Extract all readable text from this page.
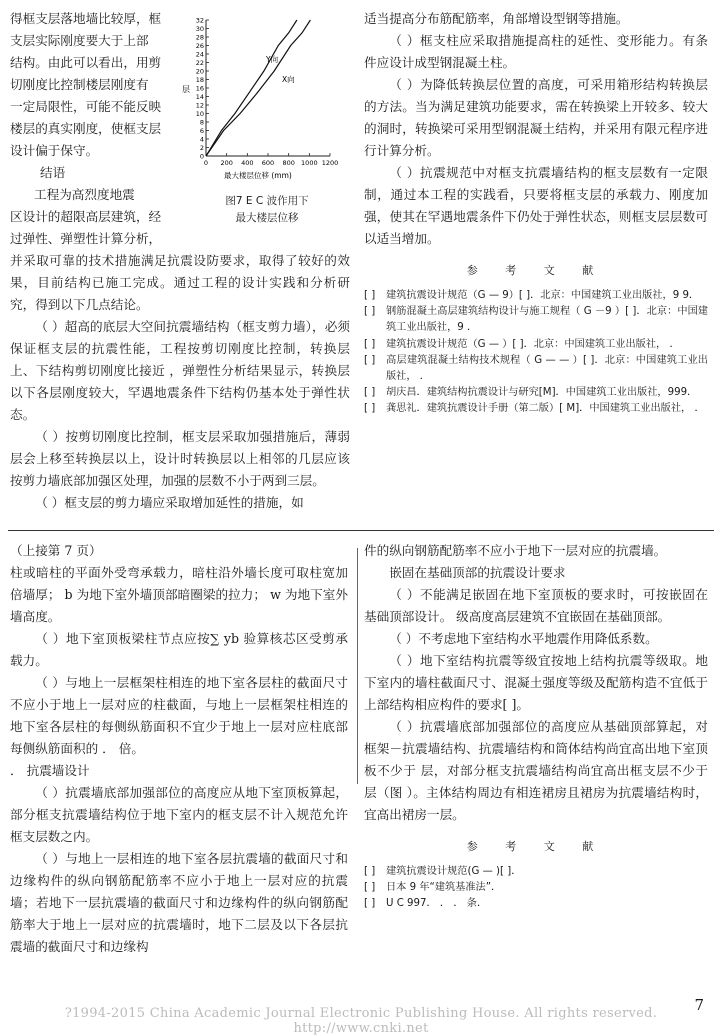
得框支层落地墙比较厚，框

支层实际刚度要大于上部

结构。由此可以看出，用剪

切刚度比控制楼层刚度有

一定局限性，可能不能反映

楼层的真实刚度，使框支层

设计偏于保守。

结语

工程为高烈度地震

区设计的超限高层建筑，经

过弹性、弹塑性计算分析，

32
30
28
26
24
22
20
18
16
14
12
10
8
6
4
2
0
0 200 400 600 800 1000 1200
层
最大楼层位移 (mm)
Y向
X向
图7 E C 波作用下
最大楼层位移

并采取可靠的技术措施满足抗震设防要求，取得了较好的效果，目前结构已施工完成。通过工程的设计实践和分析研究，得到以下几点结论。

（ ）超高的底层大空间抗震墙结构（框支剪力墙），必须保证框支层的抗震性能，工程按剪切刚度比控制，转换层上、下结构剪切刚度比接近 ，弹塑性分析结果显示，转换层以下各层刚度较大，罕遇地震条件下结构仍基本处于弹性状态。

（ ）按剪切刚度比控制，框支层采取加强措施后，薄弱层会上移至转换层以上，设计时转换层以上相邻的几层应该按剪力墙底部加强区处理，加强的层数不小于两到三层。

（ ）框支层的剪力墙应采取增加延性的措施，如

适当提高分布筋配筋率，角部增设型钢等措施。

（ ）框支柱应采取措施提高柱的延性、变形能力。有条件应设计成型钢混凝土柱。

（ ）为降低转换层位置的高度，可采用箱形结构转换层的方法。当为满足建筑功能要求，需在转换梁上开较多、较大的洞时，转换梁可采用型钢混凝土结构，并采用有限元程序进行计算分析。

（ ）抗震规范中对框支抗震墙结构的框支层数有一定限制，通过本工程的实践看，只要将框支层的承载力、刚度加强，使其在罕遇地震条件下仍处于弹性状态，则框支层层数可以适当增加。

参 考 文 献

[ ] 建筑抗震设计规范（G — 9）[ ]．北京：中国建筑工业出版社，9 9．

[ ] 钢筋混凝土高层建筑结构设计与施工规程（ G －9 ）[ ]．北京：中国建筑工业出版社，9 ．

[ ] 建筑抗震设计规范（G — ）[ ]．北京：中国建筑工业出版社， ．

[ ] 高层建筑混凝土结构技术规程（ G — — ）[ ]．北京：中国建筑工业出版社， ．

[ ] 胡庆昌．建筑结构抗震设计与研究[M]．中国建筑工业出版社，999．

[ ] 龚思礼．建筑抗震设计手册（第二版）[ M]．中国建筑工业出版社， ．

（上接第 7 页）

柱或暗柱的平面外受弯承载力，暗柱沿外墙长度可取柱宽加 倍墙厚； b 为地下室外墙顶部暗圈梁的拉力； w 为地下室外墙高度。

（ ）地下室顶板梁柱节点应按∑ yb 验算核芯区受剪承载力。

（ ）与地上一层框架柱相连的地下室各层柱的截面尺寸不应小于地上一层对应的柱截面，与地上一层框架柱相连的地下室各层柱的每侧纵筋面积不宜少于地上一层对应柱底部每侧纵筋面积的 ． 倍。

． 抗震墙设计

（ ）抗震墙底部加强部位的高度应从地下室顶板算起，部分框支抗震墙结构位于地下室内的框支层不计入规范允许框支层数之内。

（ ）与地上一层相连的地下室各层抗震墙的截面尺寸和边缘构件的纵向钢筋配筋率不应小于地上一层对应的抗震墙；若地下一层抗震墙的截面尺寸和边缘构件的纵向钢筋配筋率大于地上一层对应的抗震墙时，地下二层及以下各层抗震墙的截面尺寸和边缘构

件的纵向钢筋配筋率不应小于地下一层对应的抗震墙。

嵌固在基础顶部的抗震设计要求

（ ）不能满足嵌固在地下室顶板的要求时，可按嵌固在基础顶部设计。 级高度高层建筑不宜嵌固在基础顶部。

（ ）不考虑地下室结构水平地震作用降低系数。

（ ）地下室结构抗震等级宜按地上结构抗震等级取。地下室内的墙柱截面尺寸、混凝土强度等级及配筋构造不宜低于上部结构相应构件的要求[ ]。

（ ）抗震墙底部加强部位的高度应从基础顶部算起，对框架－抗震墙结构、抗震墙结构和筒体结构尚宜高出地下室顶板不少于 层，对部分框支抗震墙结构尚宜高出框支层不少于 层（图 ）。主体结构周边有相连裙房且裙房为抗震墙结构时，宜高出裙房一层。

参 考 文 献

[ ] 建筑抗震设计规范(G — )[ ]．

[ ] 日本 9 年“建筑基准法”．

[ ] U C 997． ． ． 条．

7
?1994-2015 China Academic Journal Electronic Publishing House. All rights reserved. http://www.cnki.net
